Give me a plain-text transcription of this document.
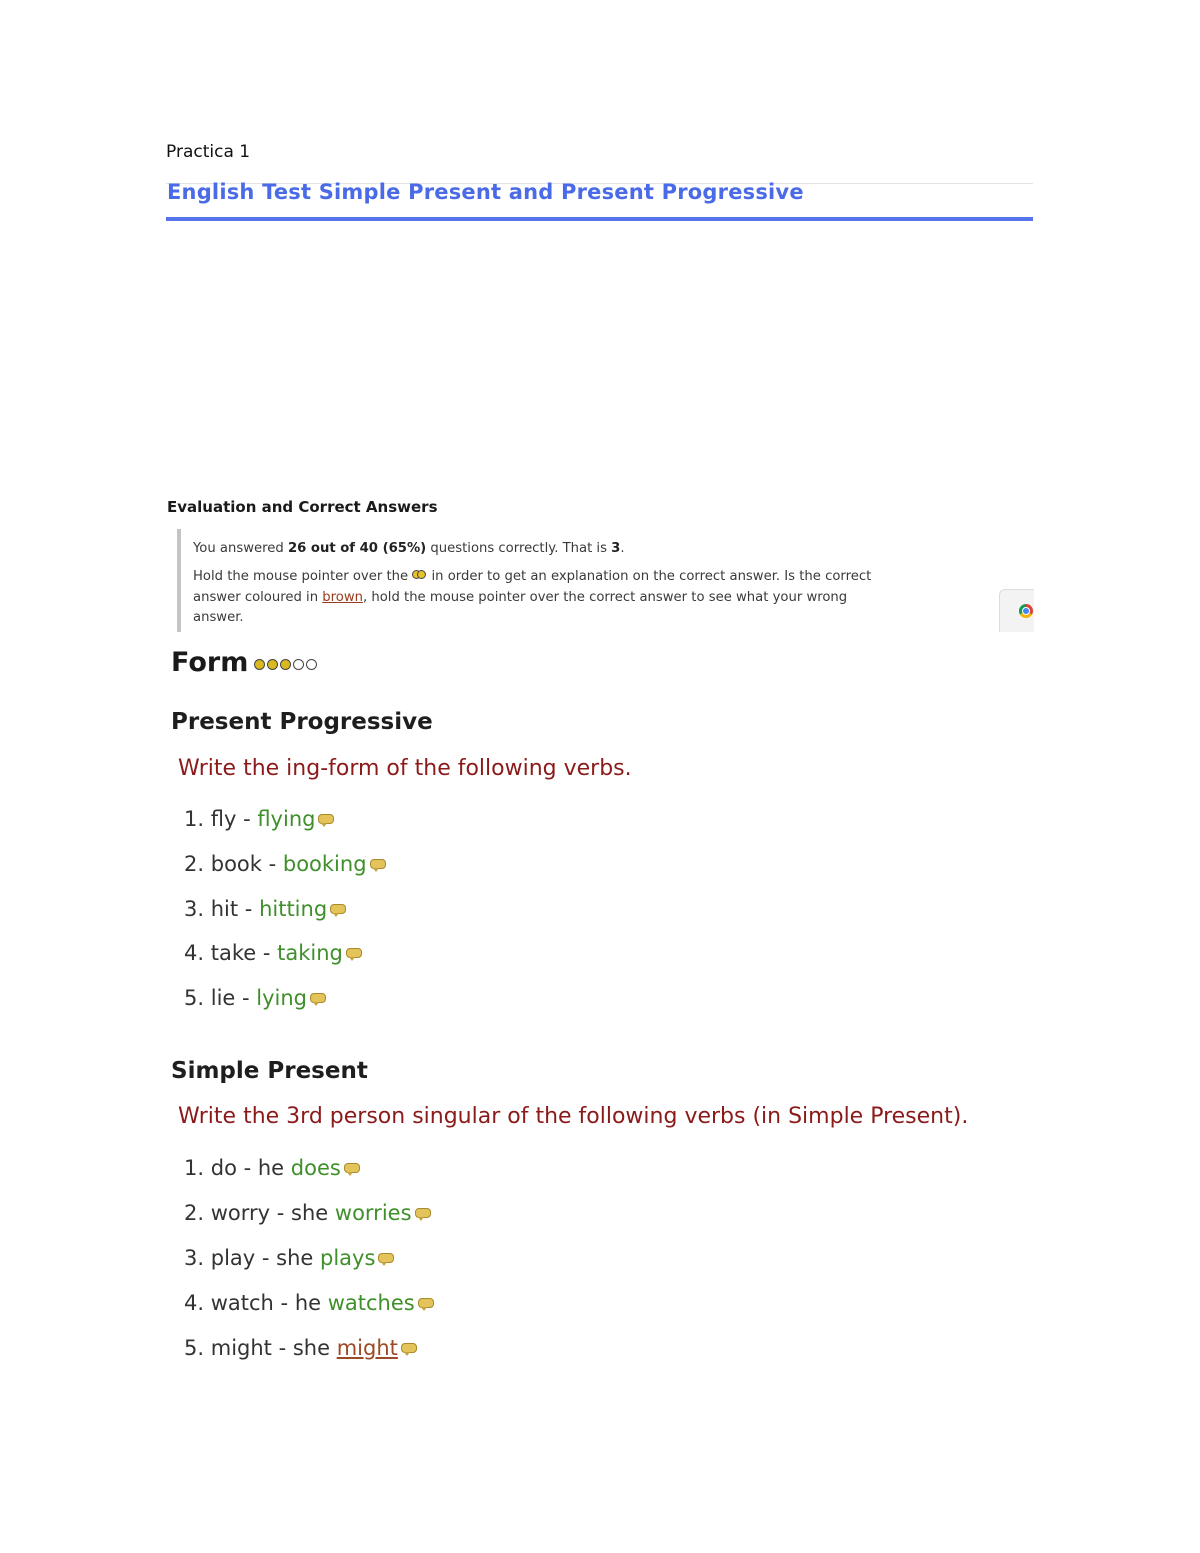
Practica 1
English Test Simple Present and Present Progressive
Evaluation and Correct Answers
You answered 26 out of 40 (65%) questions correctly. That is 3.
Hold the mouse pointer over the
in order to get an explanation on the correct answer. Is the correct
answer coloured in brown, hold the mouse pointer over the correct answer to see what your wrong
answer.
Form
Present Progressive
Write the ing-form of the following verbs.
1. fly - flying
2. book - booking
3. hit - hitting
4. take - taking
5. lie - lying
Simple Present
Write the 3rd person singular of the following verbs (in Simple Present).
1. do - he does
2. worry - she worries
3. play - she plays
4. watch - he watches
5. might - she might
